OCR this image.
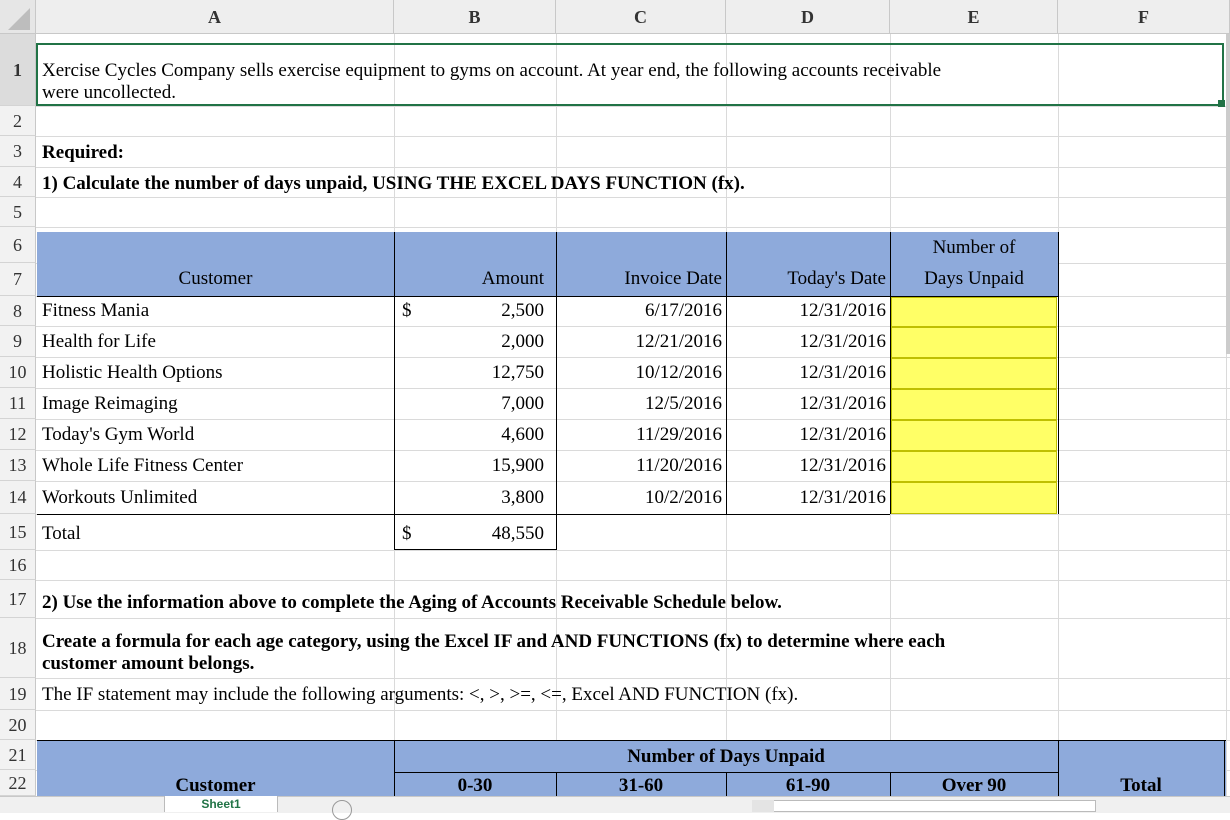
A	B	C	D	E	F
1
2
3
4
5
6
7
8
9
10
11
12
13
14
15
16
17
18
19
20
21
22
Xercise Cycles Company sells exercise equipment to gyms on account. At year end, the following accounts receivable
were uncollected.
Required:
1) Calculate the number of days unpaid, USING THE EXCEL DAYS FUNCTION (fx).
Customer	Amount	Invoice Date	Today's Date
Number of
Days Unpaid
Fitness Mania	$	2,500	6/17/2016	12/31/2016
Health for Life	2,000	12/21/2016	12/31/2016
Holistic Health Options	12,750	10/12/2016	12/31/2016
Image Reimaging	7,000	12/5/2016	12/31/2016
Today's Gym World	4,600	11/29/2016	12/31/2016
Whole Life Fitness Center	15,900	11/20/2016	12/31/2016
Workouts Unlimited	3,800	10/2/2016	12/31/2016
Total	$	48,550
2) Use the information above to complete the Aging of Accounts Receivable Schedule below.
Create a formula for each age category, using the Excel IF and AND FUNCTIONS (fx) to determine where each
customer amount belongs.
The IF statement may include the following arguments: <, >, >=, <=, Excel AND FUNCTION (fx).
Number of Days Unpaid
Customer	0-30	31-60	61-90	Over 90	Total
Sheet1
